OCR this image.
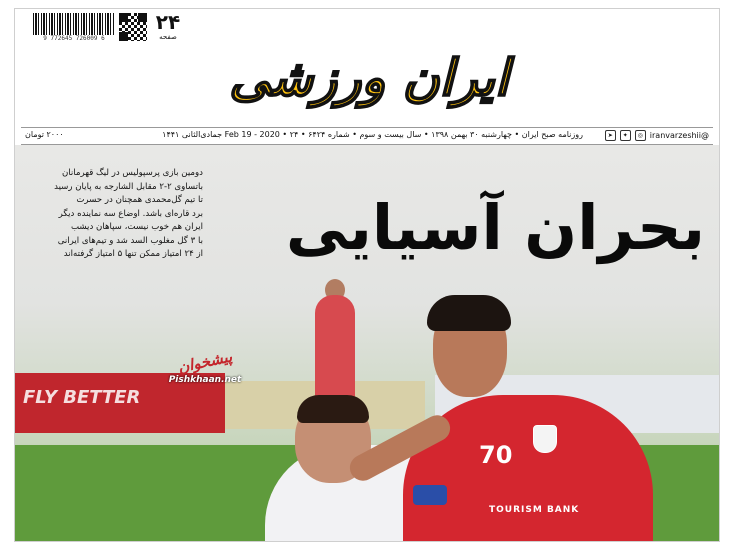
9 772645 726009 6
۲۴
صفحه
ایران ورزشی
@iranvarzeshii
◎
✦
➤
روزنامه صبح ایران • چهارشنبه ۳۰ بهمن ۱۳۹۸ • سال بیست و سوم • شماره ۶۴۲۴ • Feb 19 - 2020 • ۲۴ جمادی‌الثانی ۱۴۴۱
۲۰۰۰ تومان
FLY BETTER
70
TOURISM BANK
دومین بازی پرسپولیس در لیگ قهرمانان
باتساوی ۲-۲ مقابل الشارجه به پایان رسید
تا تیم گل‌محمدی همچنان در حسرت
برد قاره‌ای باشد. اوضاع سه نماینده دیگر
ایران هم خوب نیست، سپاهان دیشب
با ۳ گل مغلوب السد شد و تیم‌های ایرانی
از ۲۴ امتیاز ممکن تنها ۵ امتیاز گرفته‌اند بحران آسیایی
پیشخوان
Pishkhaan.net
